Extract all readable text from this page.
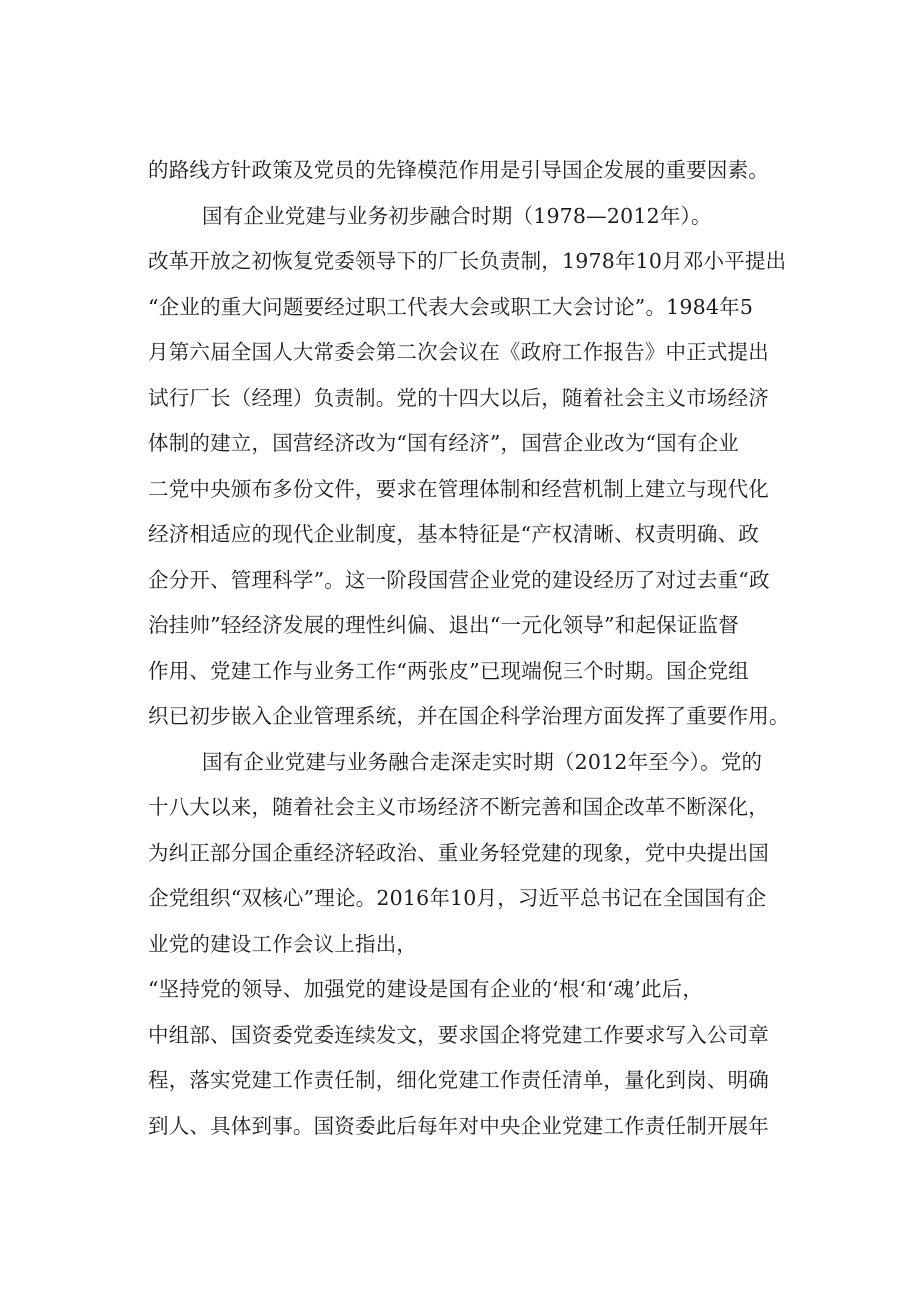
的路线方针政策及党员的先锋模范作用是引导国企发展的重要因素。
国有企业党建与业务初步融合时期（1978—2012年）。
改革开放之初恢复党委领导下的厂长负责制，1978年10月邓小平提出
“企业的重大问题要经过职工代表大会或职工大会讨论”。1984年5
月第六届全国人大常委会第二次会议在《政府工作报告》中正式提出
试行厂长（经理）负责制。党的十四大以后，随着社会主义市场经济
体制的建立，国营经济改为“国有经济”，国营企业改为“国有企业
二党中央颁布多份文件，要求在管理体制和经营机制上建立与现代化
经济相适应的现代企业制度，基本特征是“产权清晰、权责明确、政
企分开、管理科学”。这一阶段国营企业党的建设经历了对过去重“政
治挂帅”轻经济发展的理性纠偏、退出“一元化领导”和起保证监督
作用、党建工作与业务工作“两张皮”已现端倪三个时期。国企党组
织已初步嵌入企业管理系统，并在国企科学治理方面发挥了重要作用。
国有企业党建与业务融合走深走实时期（2012年至今）。党的
十八大以来，随着社会主义市场经济不断完善和国企改革不断深化，
为纠正部分国企重经济轻政治、重业务轻党建的现象，党中央提出国
企党组织“双核心”理论。2016年10月，习近平总书记在全国国有企
业党的建设工作会议上指出，
“坚持党的领导、加强党的建设是国有企业的‘根‘和‘魂’此后，
中组部、国资委党委连续发文，要求国企将党建工作要求写入公司章
程，落实党建工作责任制，细化党建工作责任清单，量化到岗、明确
到人、具体到事。国资委此后每年对中央企业党建工作责任制开展年
